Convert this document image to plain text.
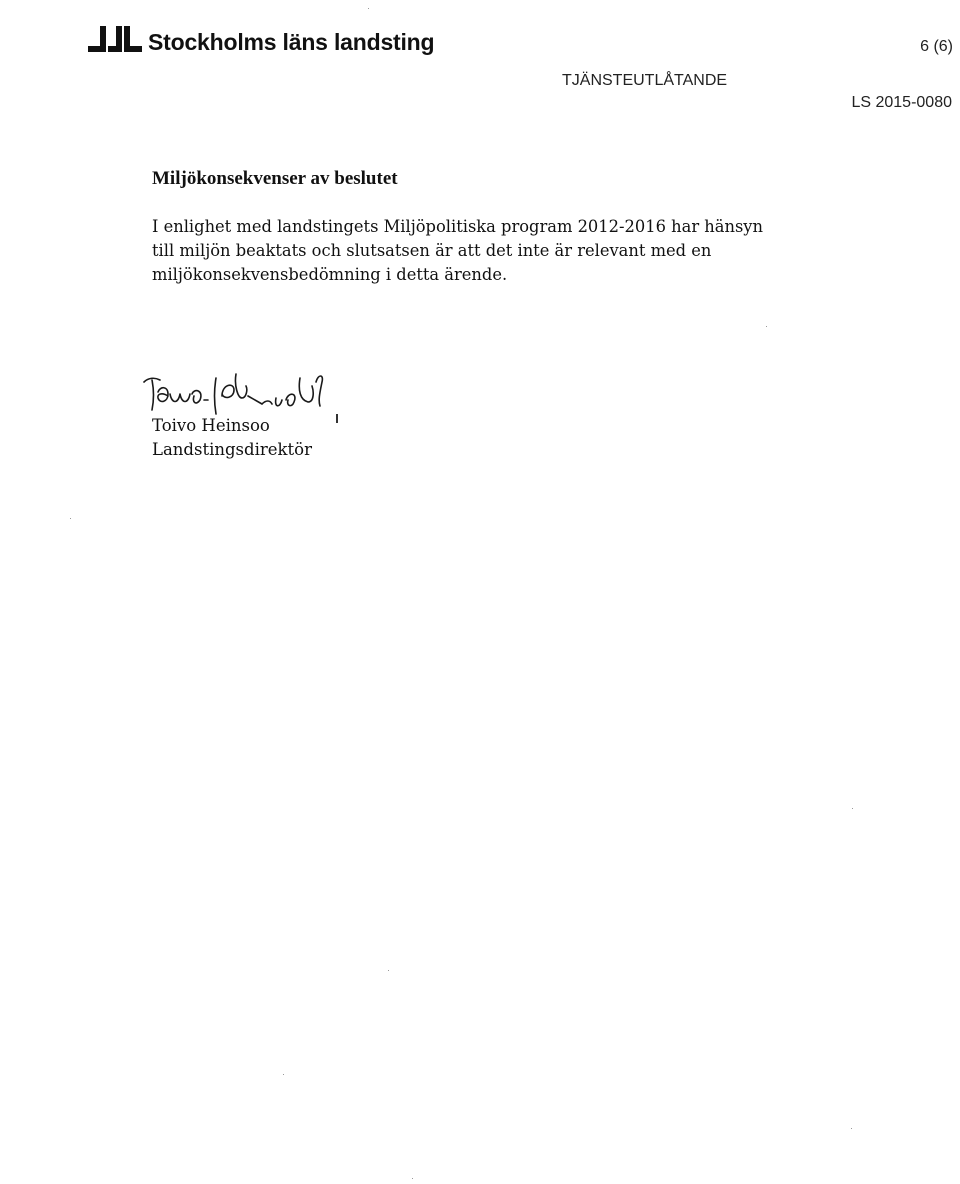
Stockholms läns landsting	6 (6)
TJÄNSTEUTLÅTANDE
LS 2015-0080
Miljökonsekvenser av beslutet

I enlighet med landstingets Miljöpolitiska program 2012-2016 har hänsyn
till miljön beaktats och slutsatsen är att det inte är relevant med en
miljökonsekvensbedömning i detta ärende.

Toivo Heinsoo
Landstingsdirektör
